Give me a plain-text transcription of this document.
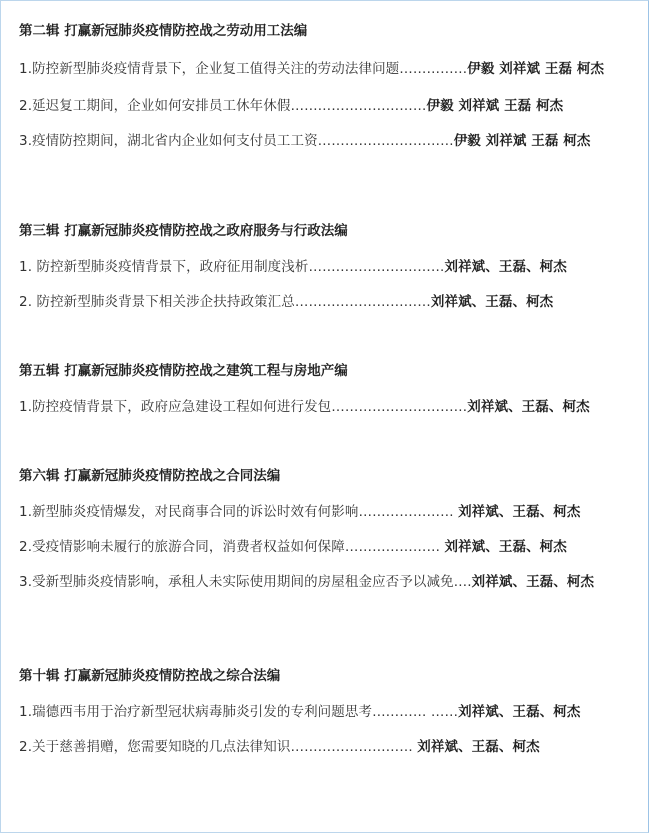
第二辑 打赢新冠肺炎疫情防控战之劳动用工法编
1.防控新型肺炎疫情背景下，企业复工值得关注的劳动法律问题……………伊毅 刘祥斌 王磊 柯杰
2.延迟复工期间，企业如何安排员工休年休假…………………………伊毅 刘祥斌 王磊 柯杰
3.疫情防控期间，湖北省内企业如何支付员工工资…………………………伊毅 刘祥斌 王磊 柯杰
第三辑 打赢新冠肺炎疫情防控战之政府服务与行政法编
1. 防控新型肺炎疫情背景下，政府征用制度浅析…………………………刘祥斌、王磊、柯杰
2. 防控新型肺炎背景下相关涉企扶持政策汇总…………………………刘祥斌、王磊、柯杰
第五辑 打赢新冠肺炎疫情防控战之建筑工程与房地产编
1.防控疫情背景下，政府应急建设工程如何进行发包…………………………刘祥斌、王磊、柯杰
第六辑 打赢新冠肺炎疫情防控战之合同法编
1.新型肺炎疫情爆发，对民商事合同的诉讼时效有何影响………………… 刘祥斌、王磊、柯杰
2.受疫情影响未履行的旅游合同，消费者权益如何保障………………… 刘祥斌、王磊、柯杰
3.受新型肺炎疫情影响，承租人未实际使用期间的房屋租金应否予以减免….刘祥斌、王磊、柯杰
第十辑 打赢新冠肺炎疫情防控战之综合法编
1.瑞德西韦用于治疗新型冠状病毒肺炎引发的专利问题思考………… ……刘祥斌、王磊、柯杰
2.关于慈善捐赠，您需要知晓的几点法律知识……………………… 刘祥斌、王磊、柯杰
